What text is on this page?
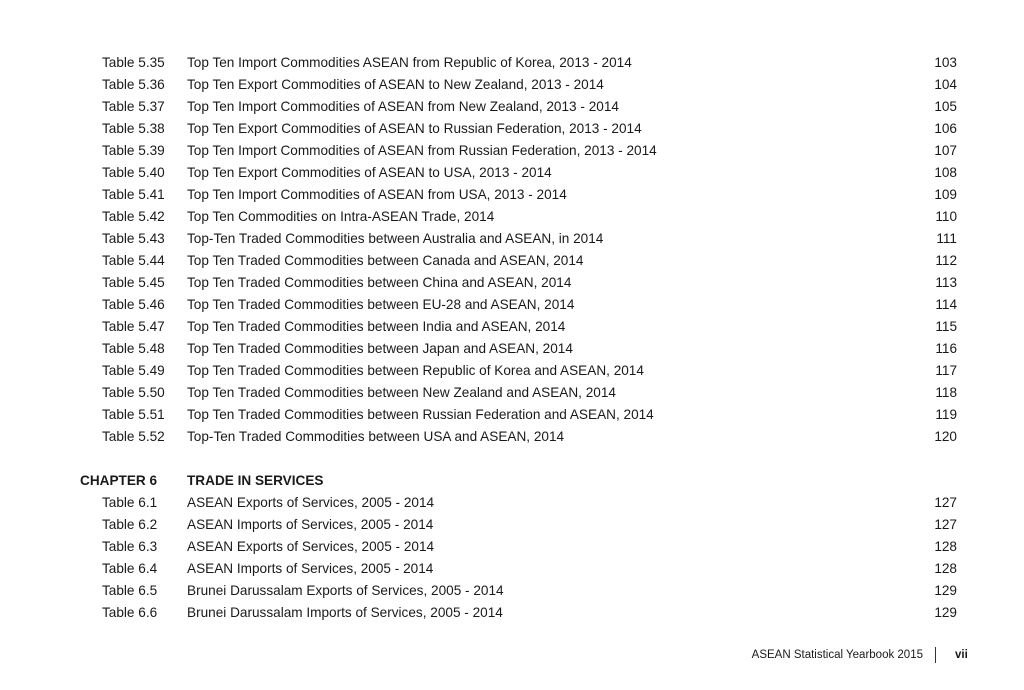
Table 5.35 Top Ten Import Commodities ASEAN from Republic of Korea, 2013 - 2014	103
Table 5.36 Top Ten Export Commodities of ASEAN to New Zealand, 2013 - 2014	104
Table 5.37 Top Ten Import Commodities of ASEAN from New Zealand, 2013 - 2014	105
Table 5.38 Top Ten Export Commodities of ASEAN to Russian Federation, 2013 - 2014	106
Table 5.39 Top Ten Import Commodities of ASEAN from Russian Federation, 2013 - 2014	107
Table 5.40 Top Ten Export Commodities of ASEAN to USA, 2013 - 2014	108
Table 5.41 Top Ten Import Commodities of ASEAN from USA, 2013 - 2014	109
Table 5.42 Top Ten Commodities on Intra-ASEAN Trade, 2014	110
Table 5.43 Top-Ten Traded Commodities between Australia and ASEAN, in 2014	111
Table 5.44 Top Ten Traded Commodities between Canada and ASEAN, 2014	112
Table 5.45 Top Ten Traded Commodities between China and ASEAN, 2014	113
Table 5.46 Top Ten Traded Commodities between EU-28 and ASEAN, 2014	114
Table 5.47 Top Ten Traded Commodities between India and ASEAN, 2014	115
Table 5.48 Top Ten Traded Commodities between Japan and ASEAN, 2014	116
Table 5.49 Top Ten Traded Commodities between Republic of Korea and ASEAN, 2014	117
Table 5.50 Top Ten Traded Commodities between New Zealand and ASEAN, 2014	118
Table 5.51 Top Ten Traded Commodities between Russian Federation and ASEAN, 2014	119
Table 5.52 Top-Ten Traded Commodities between USA and ASEAN, 2014	120
CHAPTER 6 TRADE IN SERVICES
Table 6.1 ASEAN Exports of Services, 2005 - 2014	127
Table 6.2 ASEAN Imports of Services, 2005 - 2014	127
Table 6.3 ASEAN Exports of Services, 2005 - 2014	128
Table 6.4 ASEAN Imports of Services, 2005 - 2014	128
Table 6.5 Brunei Darussalam Exports of Services, 2005 - 2014	129
Table 6.6 Brunei Darussalam Imports of Services, 2005 - 2014	129
ASEAN Statistical Yearbook 2015	vii
